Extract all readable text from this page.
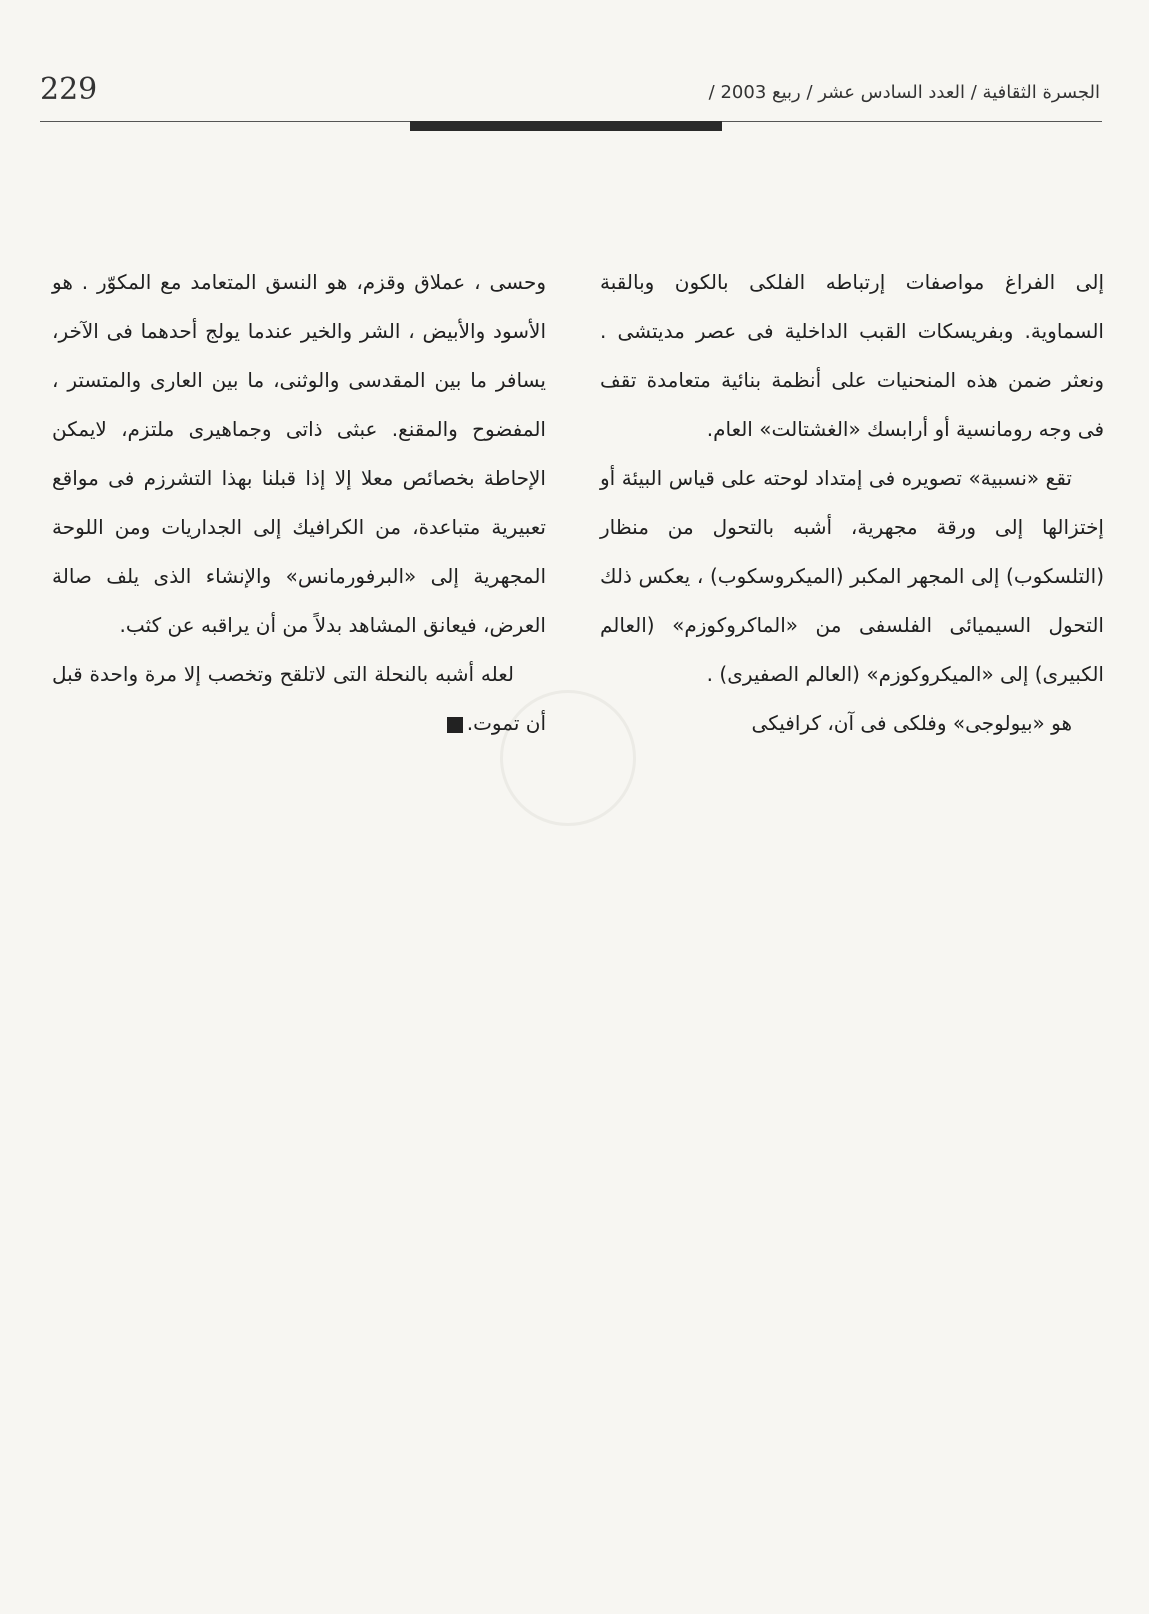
الجسرة الثقافية / العدد السادس عشر / ربيع 2003 /
229

إلى الفراغ مواصفات إرتباطه الفلكى بالكون وبالقبة السماوية. وبفريسكات القبب الداخلية فى عصر مديتشى . ونعثر ضمن هذه المنحنيات على أنظمة بنائية متعامدة تقف فى وجه رومانسية أو أرابسك «الغشتالت» العام.

تقع «نسبية» تصويره فى إمتداد لوحته على قياس البيئة أو إختزالها إلى ورقة مجهرية، أشبه بالتحول من منظار (التلسكوب) إلى المجهر المكبر (الميكروسكوب) ، يعكس ذلك التحول السيميائى الفلسفى من «الماكروكوزم» (العالم الكبيرى) إلى «الميكروكوزم» (العالم الصفيرى) .

هو «بيولوجى» وفلكى فى آن، كرافيكى

وحسى ، عملاق وقزم، هو النسق المتعامد مع المكوّر . هو الأسود والأبيض ، الشر والخير عندما يولج أحدهما فى الآخر، يسافر ما بين المقدسى والوثنى، ما بين العارى والمتستر ، المفضوح والمقنع. عبثى ذاتى وجماهيرى ملتزم، لايمكن الإحاطة بخصائص معلا إلا إذا قبلنا بهذا التشرزم فى مواقع تعبيرية متباعدة، من الكرافيك إلى الجداريات ومن اللوحة المجهرية إلى «البرفورمانس» والإنشاء الذى يلف صالة العرض، فيعانق المشاهد بدلاً من أن يراقبه عن كثب.

لعله أشبه بالنحلة التى لاتلقح وتخصب إلا مرة واحدة قبل أن تموت.
